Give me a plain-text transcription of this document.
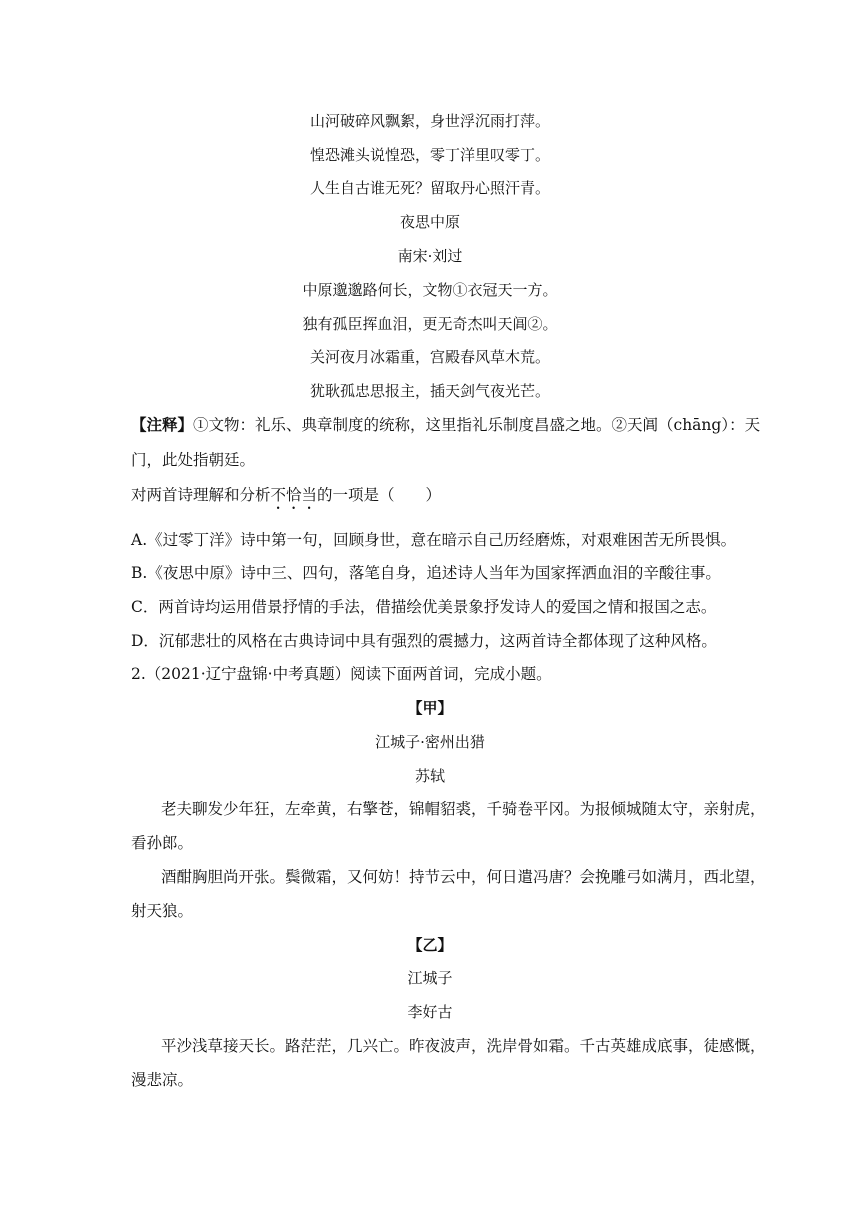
山河破碎风飘絮，身世浮沉雨打萍。
惶恐滩头说惶恐，零丁洋里叹零丁。
人生自古谁无死？留取丹心照汗青。
夜思中原
南宋·刘过
中原邈邈路何长，文物①衣冠天一方。
独有孤臣挥血泪，更无奇杰叫天阊②。
关河夜月冰霜重，宫殿春风草木荒。
犹耿孤忠思报主，插天剑气夜光芒。
【注释】①文物：礼乐、典章制度的统称，这里指礼乐制度昌盛之地。②天阊（chāng）：天
门，此处指朝廷。
对两首诗理解和分析不恰当的一项是（　　）
A.《过零丁洋》诗中第一句，回顾身世，意在暗示自己历经磨炼，对艰难困苦无所畏惧。
B.《夜思中原》诗中三、四句，落笔自身，追述诗人当年为国家挥洒血泪的辛酸往事。
C．两首诗均运用借景抒情的手法，借描绘优美景象抒发诗人的爱国之情和报国之志。
D．沉郁悲壮的风格在古典诗词中具有强烈的震撼力，这两首诗全都体现了这种风格。
2.（2021·辽宁盘锦·中考真题）阅读下面两首词，完成小题。
【甲】
江城子·密州出猎
苏轼
老夫聊发少年狂，左牵黄，右擎苍，锦帽貂裘，千骑卷平冈。为报倾城随太守，亲射虎，
看孙郎。
酒酣胸胆尚开张。鬓微霜，又何妨！持节云中，何日遣冯唐？会挽雕弓如满月，西北望，
射天狼。
【乙】
江城子
李好古
平沙浅草接天长。路茫茫，几兴亡。昨夜波声，洗岸骨如霜。千古英雄成底事，徒感慨，
漫悲凉。
